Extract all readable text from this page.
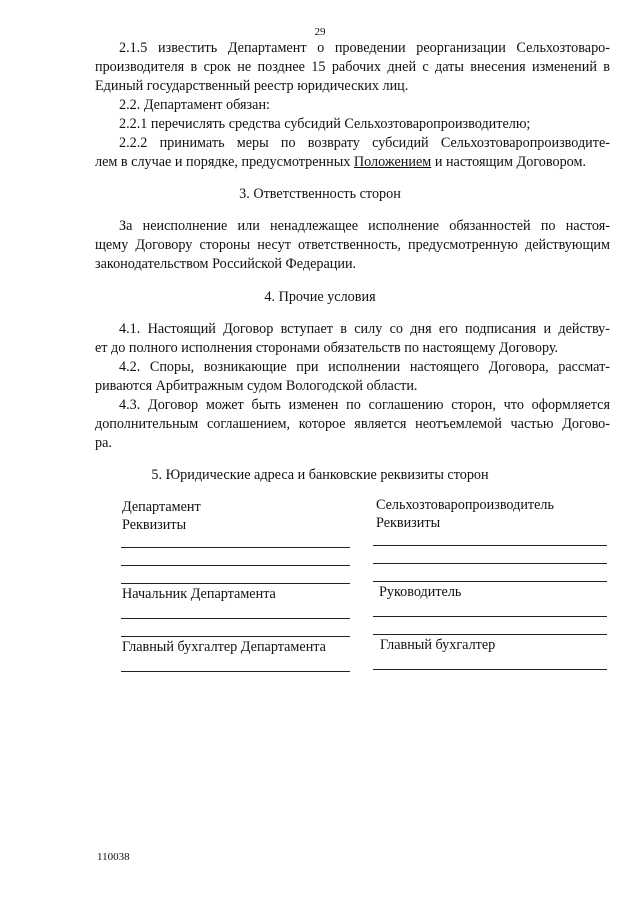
29
2.1.5 известить Департамент о проведении реорганизации Сельхозтоваро-
производителя в срок не позднее 15 рабочих дней с даты внесения изменений в
Единый государственный реестр юридических лиц.
2.2. Департамент обязан:
2.2.1 перечислять средства субсидий Сельхозтоваропроизводителю;
2.2.2 принимать меры по возврату субсидий Сельхозтоваропроизводите-
лем в случае и порядке, предусмотренных Положением и настоящим Договором.
3. Ответственность сторон
За неисполнение или ненадлежащее исполнение обязанностей по настоя-
щему Договору стороны несут ответственность, предусмотренную действующим
законодательством Российской Федерации.
4. Прочие условия
4.1. Настоящий Договор вступает в силу со дня его подписания и действу-
ет до полного исполнения сторонами обязательств по настоящему Договору.
4.2. Споры, возникающие при исполнении настоящего Договора, рассмат-
риваются Арбитражным судом Вологодской области.
4.3. Договор может быть изменен по соглашению сторон, что оформляется
дополнительным соглашением, которое является неотъемлемой частью Догово-
ра.
5. Юридические адреса и банковские реквизиты сторон
Департамент
Реквизиты
Сельхозтоваропроизводитель
Реквизиты
Начальник Департамента	Руководитель
Главный бухгалтер Департамента	Главный бухгалтер
110038
